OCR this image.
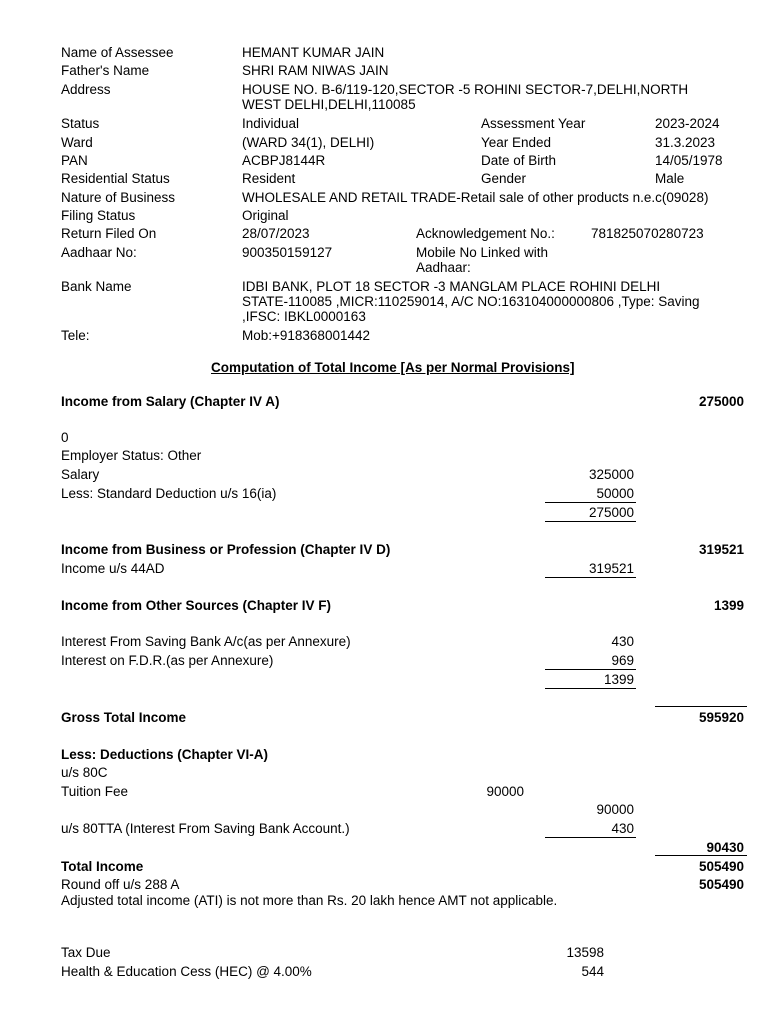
Name of Assessee	HEMANT KUMAR JAIN
Father's Name	SHRI RAM NIWAS JAIN
Address	HOUSE NO. B-6/119-120,SECTOR -5 ROHINI SECTOR-7,DELHI,NORTH
WEST DELHI,DELHI,110085
Status	Individual	Assessment Year	2023-2024
Ward	(WARD 34(1), DELHI)	Year Ended	31.3.2023
PAN	ACBPJ8144R	Date of Birth	14/05/1978
Residential Status	Resident	Gender	Male
Nature of Business	WHOLESALE AND RETAIL TRADE-Retail sale of other products n.e.c(09028)
Filing Status	Original
Return Filed On	28/07/2023	Acknowledgement No.:	781825070280723
Aadhaar No:	900350159127	Mobile No Linked with
Aadhaar:
Bank Name	IDBI BANK, PLOT 18 SECTOR -3 MANGLAM PLACE ROHINI DELHI
STATE-110085 ,MICR:110259014, A/C NO:163104000000806 ,Type: Saving
,IFSC: IBKL0000163
Tele:	Mob:+918368001442
Computation of Total Income [As per Normal Provisions]
Income from Salary (Chapter IV A)	275000
0
Employer Status: Other
Salary	325000
Less: Standard Deduction u/s 16(ia)	50000
275000
Income from Business or Profession (Chapter IV D)	319521
Income u/s 44AD	319521
Income from Other Sources (Chapter IV F)	1399
Interest From Saving Bank A/c(as per Annexure)	430
Interest on F.D.R.(as per Annexure)	969
1399
Gross Total Income	595920
Less: Deductions (Chapter VI-A)
u/s 80C
Tuition Fee	90000
90000
u/s 80TTA (Interest From Saving Bank Account.)	430
90430
Total Income	505490
Round off u/s 288 A	505490
Adjusted total income (ATI) is not more than Rs. 20 lakh hence AMT not applicable.
Tax Due	13598
Health & Education Cess (HEC) @ 4.00%	544
